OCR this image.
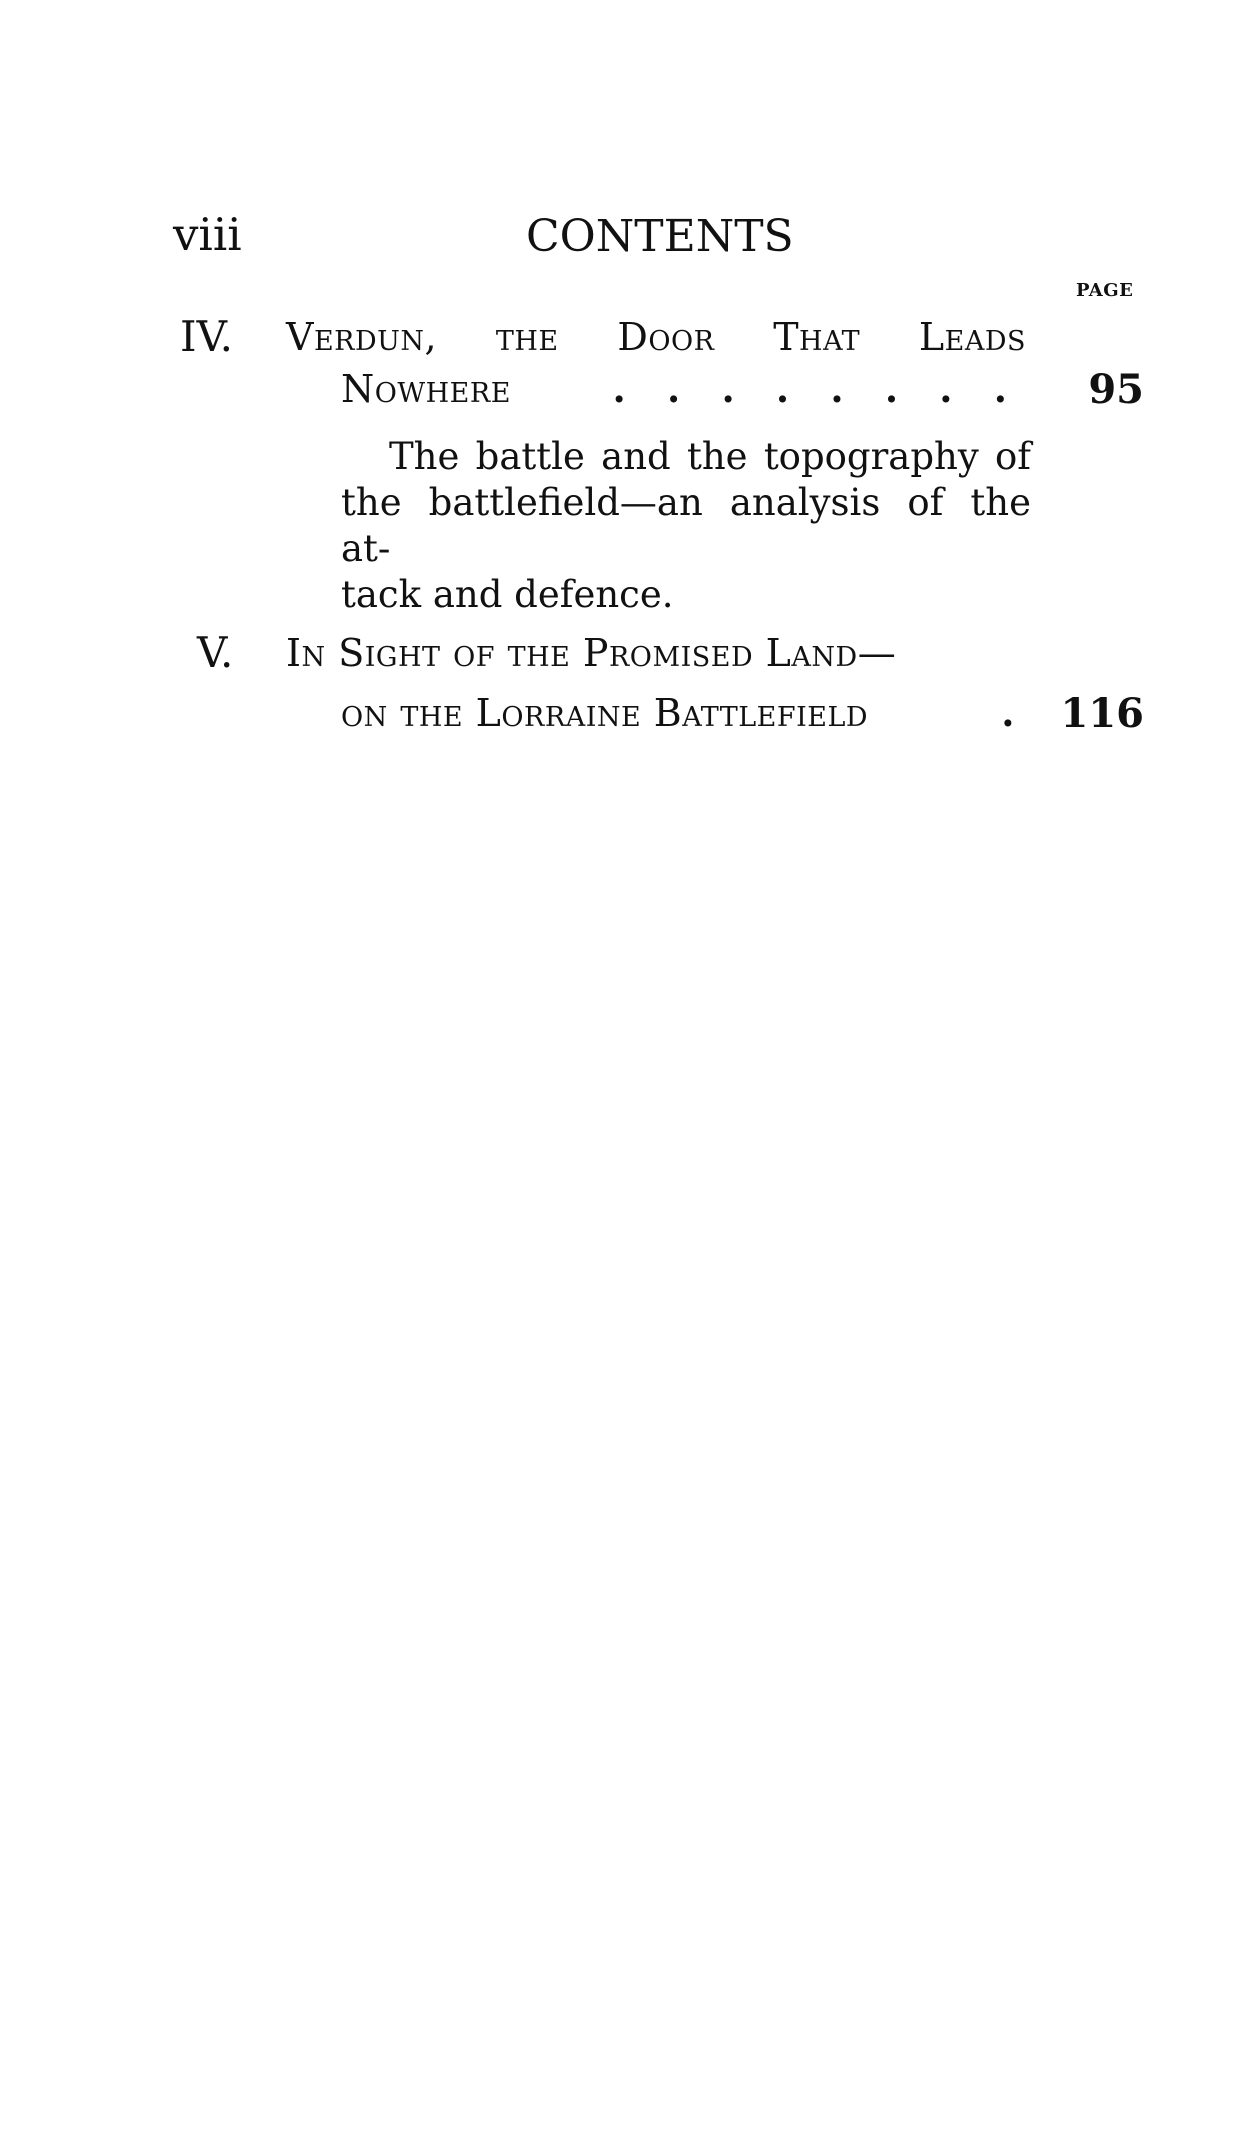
viii	CONTENTS
PAGE
IV. Verdun, the Door That Leads
Nowhere	. . . . . . . .	95
The battle and the topography of
the battlefield—an analysis of the at-
tack and defence.
V. In Sight of the Promised Land—
on the Lorraine Battlefield	.	116
